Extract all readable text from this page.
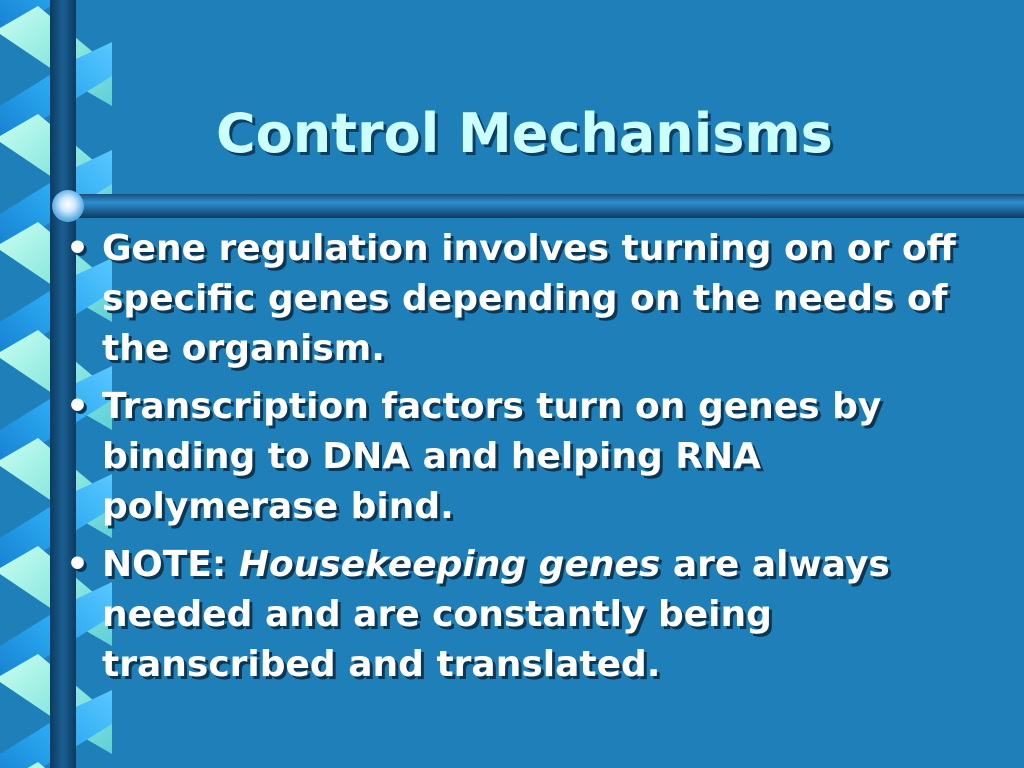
Control Mechanisms
• Gene regulation involves turning on or off specific genes depending on the needs of the organism.
• Transcription factors turn on genes by binding to DNA and helping RNA polymerase bind.
• NOTE: Housekeeping genes are always needed and are constantly being transcribed and translated.
